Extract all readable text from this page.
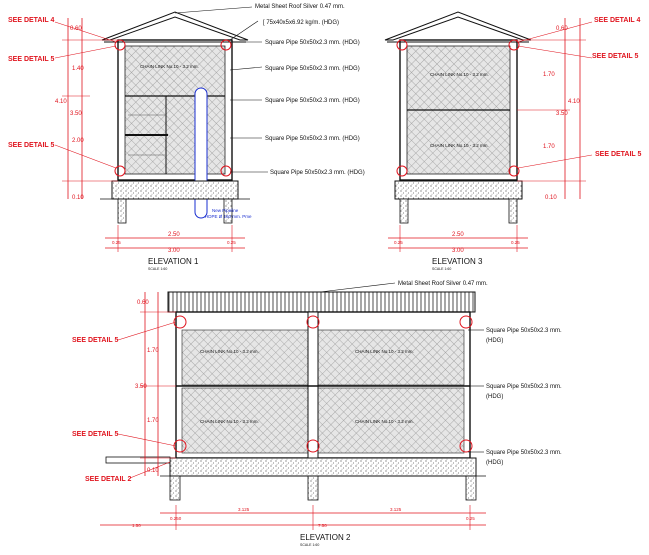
Metal Sheet Roof Silver 0.47 mm.
[ 75x40x5x6.92 kg/m. (HDG)
Square Pipe 50x50x2.3 mm. (HDG)
Square Pipe 50x50x2.3 mm. (HDG)
Square Pipe 50x50x2.3 mm. (HDG)
Square Pipe 50x50x2.3 mm. (HDG)
Square Pipe 50x50x2.3 mm. (HDG)
SEE DETAIL 4
SEE DETAIL 5
SEE DETAIL 5
0.60
1.40
4.10
3.50
2.00
0.10
CHAIN LINK No.10 - 3.2 mm.
New Pipeline
HDPE Ø 160 mm. Pme
2.50
3.00
0.25	0.25
ELEVATION 1
SCALE 1:60
SEE DETAIL 4
SEE DETAIL 5
SEE DETAIL 5
0.60
1.70
4.10
3.50
1.70
0.10
CHAIN LINK No.10 - 3.2 mm.
CHAIN LINK No.10 - 3.2 mm.
2.50
3.00
0.25	0.25
ELEVATION 3
SCALE 1:60
Metal Sheet Roof Silver 0.47 mm.
Square Pipe 50x50x2.3 mm.
(HDG)
Square Pipe 50x50x2.3 mm.
(HDG)
Square Pipe 50x50x2.3 mm.
(HDG)
SEE DETAIL 5
SEE DETAIL 5
SEE DETAIL 2
0.60
1.70
3.50
1.70
0.10
CHAIN LINK No.10 - 3.2 mm.	CHAIN LINK No.10 - 3.2 mm.
CHAIN LINK No.10 - 3.2 mm.	CHAIN LINK No.10 - 3.2 mm.
0.250
3.125	3.125
0.25
1.50	7.50
ELEVATION 2
SCALE 1:60
